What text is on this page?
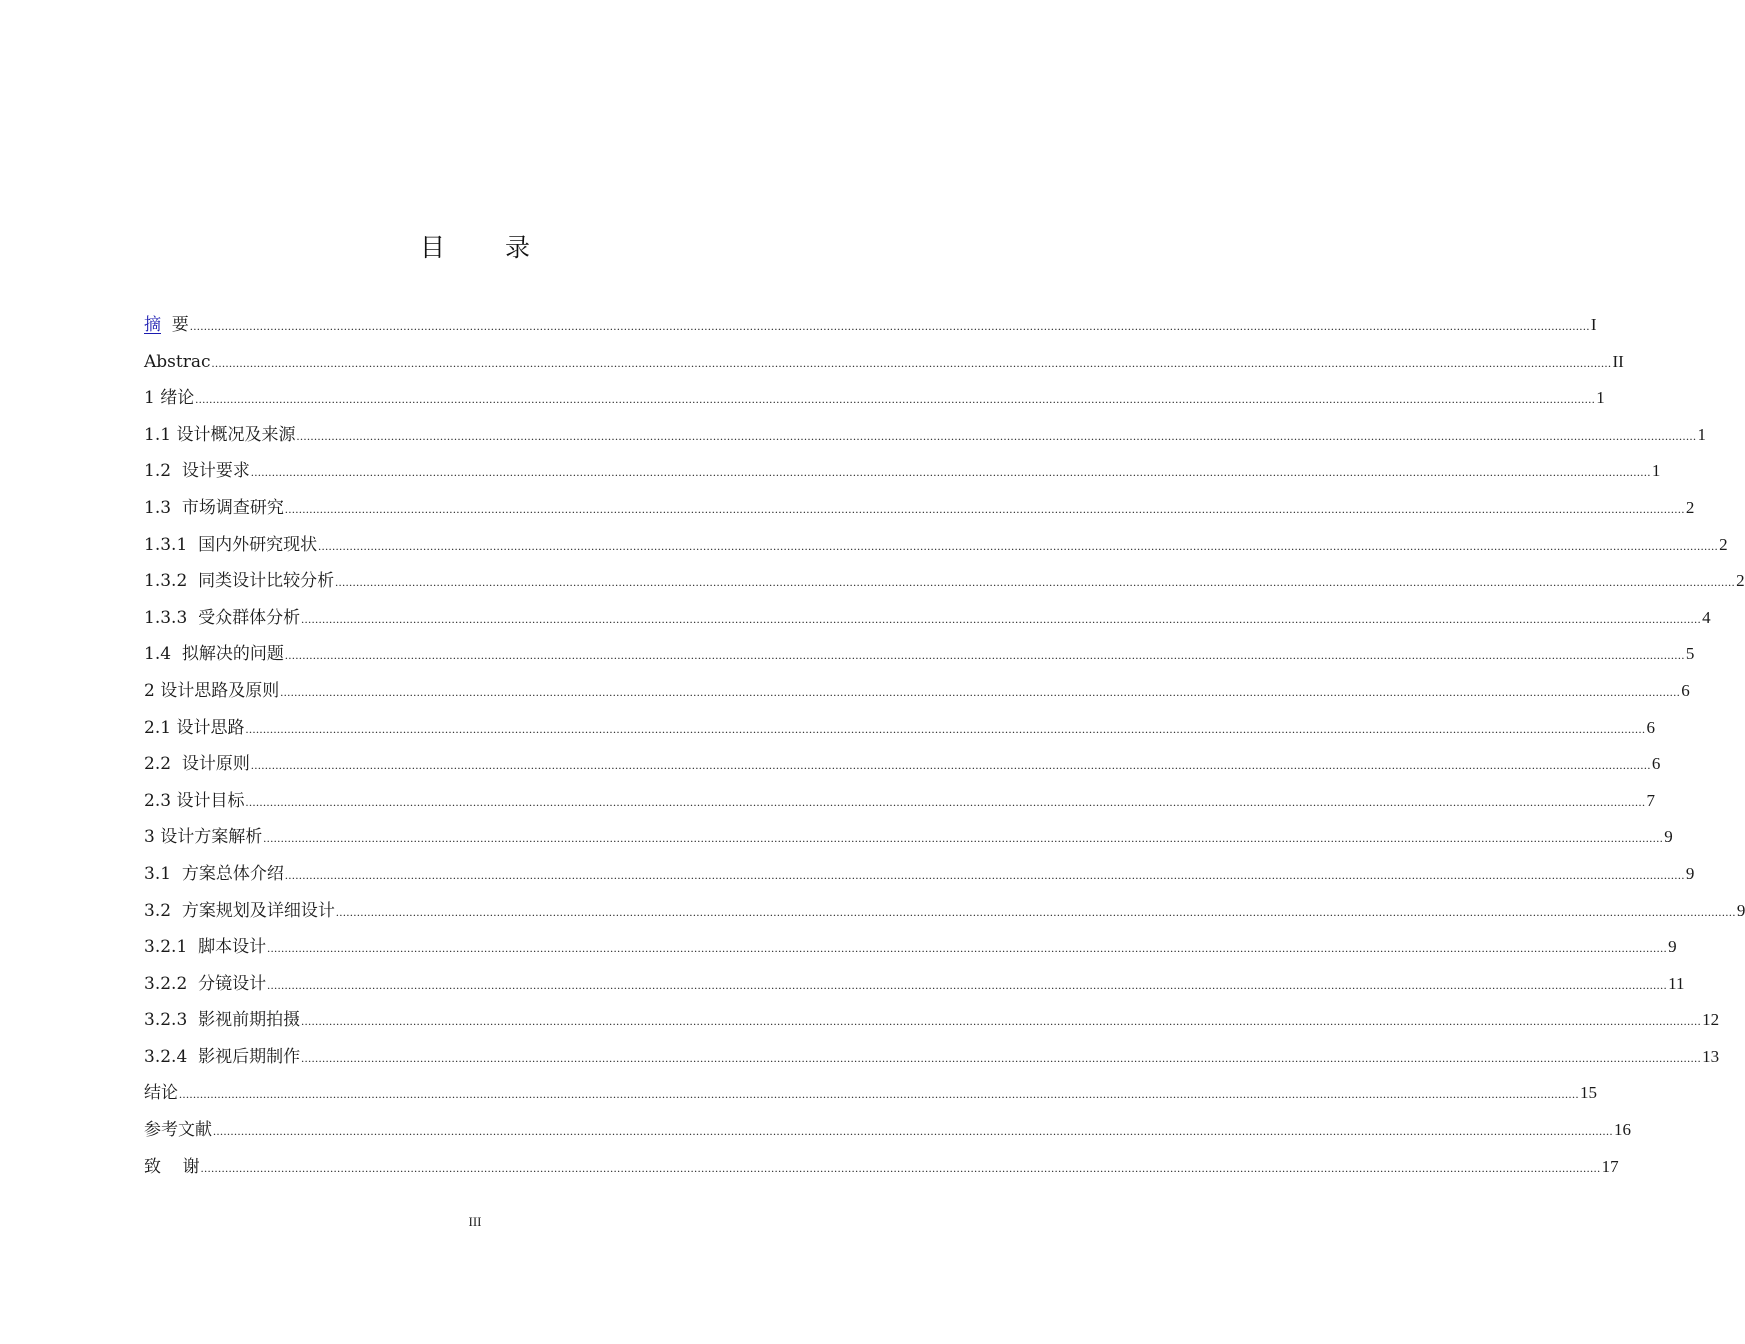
目 录
摘  要 ................................................................................................................................................................................................................................................................................................................................................................................................................ I
Abstrac ................................................................................................................................................................................................................................................................................................................................................................................................................ II
1 绪论 ................................................................................................................................................................................................................................................................................................................................................................................................................ 1
1.1 设计概况及来源 ................................................................................................................................................................................................................................................................................................................................................................................................................ 1
1.2  设计要求 ................................................................................................................................................................................................................................................................................................................................................................................................................ 1
1.3  市场调查研究 ................................................................................................................................................................................................................................................................................................................................................................................................................ 2
1.3.1  国内外研究现状 ................................................................................................................................................................................................................................................................................................................................................................................................................ 2
1.3.2  同类设计比较分析 ................................................................................................................................................................................................................................................................................................................................................................................................................ 2
1.3.3  受众群体分析 ................................................................................................................................................................................................................................................................................................................................................................................................................ 4
1.4  拟解决的问题 ................................................................................................................................................................................................................................................................................................................................................................................................................ 5
2 设计思路及原则 ................................................................................................................................................................................................................................................................................................................................................................................................................ 6
2.1 设计思路 ................................................................................................................................................................................................................................................................................................................................................................................................................ 6
2.2  设计原则 ................................................................................................................................................................................................................................................................................................................................................................................................................ 6
2.3 设计目标 ................................................................................................................................................................................................................................................................................................................................................................................................................ 7
3 设计方案解析 ................................................................................................................................................................................................................................................................................................................................................................................................................ 9
3.1  方案总体介绍 ................................................................................................................................................................................................................................................................................................................................................................................................................ 9
3.2  方案规划及详细设计 ................................................................................................................................................................................................................................................................................................................................................................................................................ 9
3.2.1  脚本设计 ................................................................................................................................................................................................................................................................................................................................................................................................................ 9
3.2.2  分镜设计 ................................................................................................................................................................................................................................................................................................................................................................................................................ 11
3.2.3  影视前期拍摄 ................................................................................................................................................................................................................................................................................................................................................................................................................ 12
3.2.4  影视后期制作 ................................................................................................................................................................................................................................................................................................................................................................................................................ 13
结论 ................................................................................................................................................................................................................................................................................................................................................................................................................ 15
参考文献 ................................................................................................................................................................................................................................................................................................................................................................................................................ 16
致    谢 ................................................................................................................................................................................................................................................................................................................................................................................................................ 17
III
